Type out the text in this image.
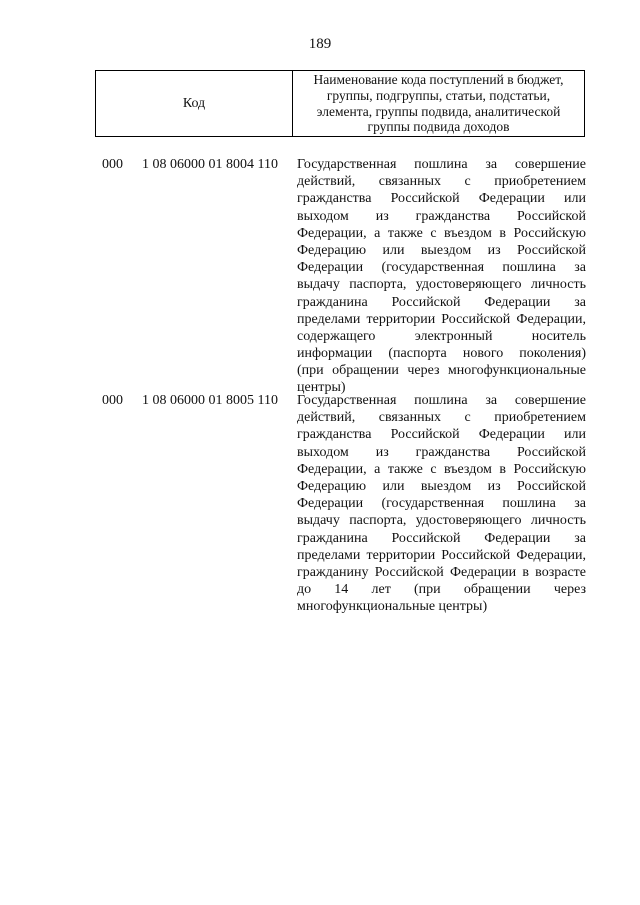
189
Код
Наименование кода поступлений в бюджет, группы, подгруппы, статьи, подстатьи, элемента, группы подвида, аналитической группы подвида доходов
000 1 08 06000 01 8004 110 Государственная пошлина за совершение
действий, связанных с приобретением
гражданства Российской Федерации или
выходом из гражданства Российской
Федерации, а также с въездом в Российскую
Федерацию или выездом из Российской
Федерации (государственная пошлина за
выдачу паспорта, удостоверяющего личность
гражданина Российской Федерации за
пределами территории Российской Федерации,
содержащего электронный носитель
информации (паспорта нового поколения)
(при обращении через многофункциональные
центры)
000 1 08 06000 01 8005 110 Государственная пошлина за совершение
действий, связанных с приобретением
гражданства Российской Федерации или
выходом из гражданства Российской
Федерации, а также с въездом в Российскую
Федерацию или выездом из Российской
Федерации (государственная пошлина за
выдачу паспорта, удостоверяющего личность
гражданина Российской Федерации за
пределами территории Российской Федерации,
гражданину Российской Федерации в возрасте
до 14 лет (при обращении через
многофункциональные центры)
